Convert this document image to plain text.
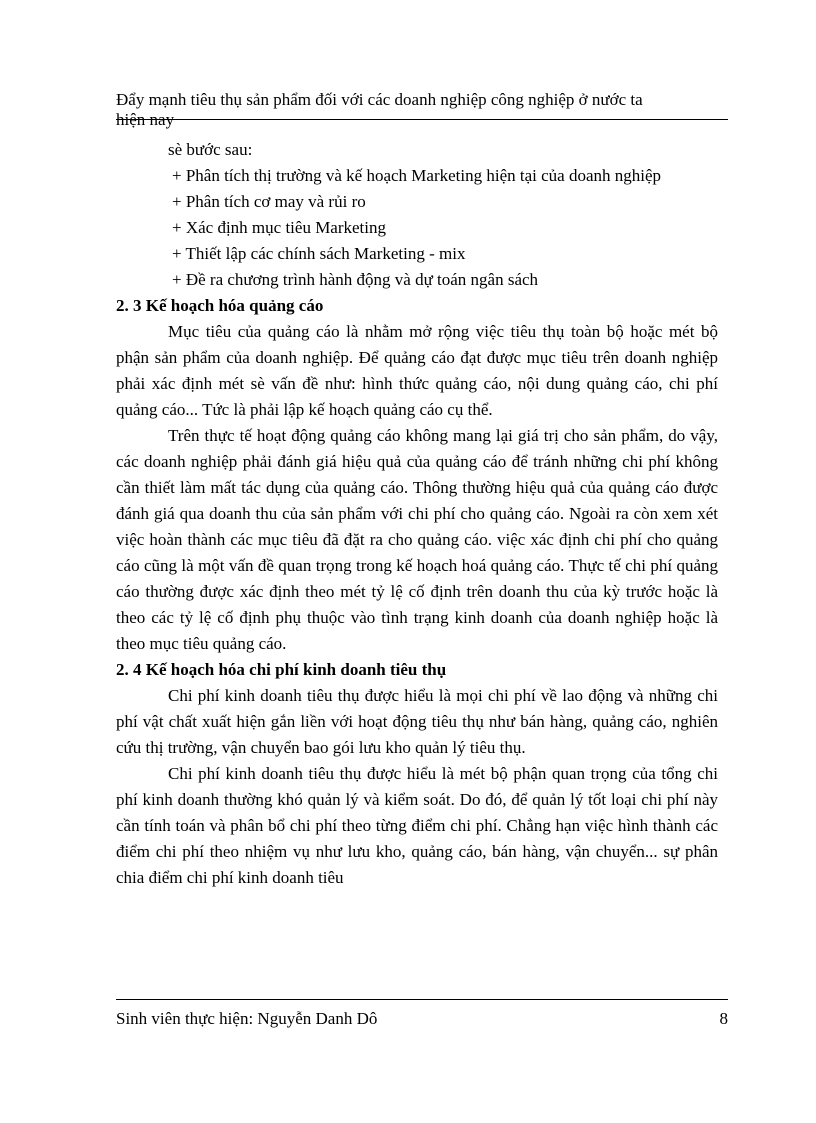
Đẩy mạnh tiêu thụ sản phẩm đối với các doanh nghiệp công nghiệp ở nước ta
hiện nay

sè bước sau:

+ Phân tích thị trường và kế hoạch Marketing hiện tại của doanh nghiệp

+ Phân tích cơ may và rủi ro

+ Xác định mục tiêu Marketing

+ Thiết lập các chính sách Marketing - mix

+ Đề ra chương trình hành động và dự toán ngân sách

2. 3 Kế hoạch hóa quảng cáo

Mục tiêu của quảng cáo là nhằm mở rộng việc tiêu thụ toàn bộ hoặc mét bộ phận sản phẩm của doanh nghiệp. Để quảng cáo đạt được mục tiêu trên doanh nghiệp phải xác định mét sè vấn đề như: hình thức quảng cáo, nội dung quảng cáo, chi phí quảng cáo... Tức là phải lập kế hoạch quảng cáo cụ thể.

Trên thực tế hoạt động quảng cáo không mang lại giá trị cho sản phẩm, do vậy, các doanh nghiệp phải đánh giá hiệu quả của quảng cáo để tránh những chi phí không cần thiết làm mất tác dụng của quảng cáo. Thông thường hiệu quả của quảng cáo được đánh giá qua doanh thu của sản phẩm với chi phí cho quảng cáo. Ngoài ra còn xem xét việc hoàn thành các mục tiêu đã đặt ra cho quảng cáo. việc xác định chi phí cho quảng cáo cũng là một vấn đề quan trọng trong kế hoạch hoá quảng cáo. Thực tế chi phí quảng cáo thường được xác định theo mét tỷ lệ cố định trên doanh thu của kỳ trước hoặc là theo các tỷ lệ cố định phụ thuộc vào tình trạng kinh doanh của doanh nghiệp hoặc là theo mục tiêu quảng cáo.

2. 4 Kế hoạch hóa chi phí kinh doanh tiêu thụ

Chi phí kinh doanh tiêu thụ được hiểu là mọi chi phí về lao động và những chi phí vật chất xuất hiện gắn liền với hoạt động tiêu thụ như bán hàng, quảng cáo, nghiên cứu thị trường, vận chuyển bao gói lưu kho quản lý tiêu thụ.

Chi phí kinh doanh tiêu thụ được hiểu là mét bộ phận quan trọng của tổng chi phí kinh doanh thường khó quản lý và kiểm soát. Do đó, để quản lý tốt loại chi phí này cần tính toán và phân bổ chi phí theo từng điểm chi phí. Chẳng hạn việc hình thành các điểm chi phí theo nhiệm vụ như lưu kho, quảng cáo, bán hàng, vận chuyển... sự phân chia điểm chi phí kinh doanh tiêu

Sinh viên thực hiện: Nguyễn Danh Dô	8
